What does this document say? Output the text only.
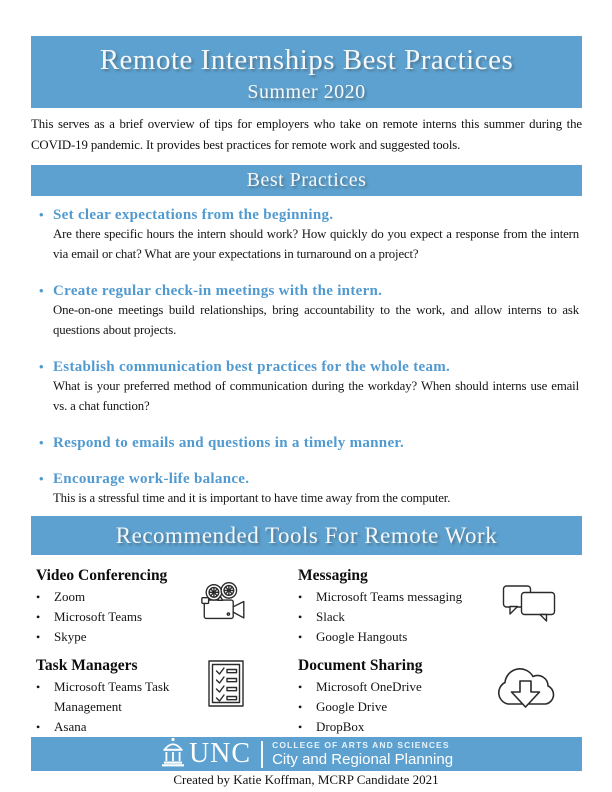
Remote Internships Best Practices
Summer 2020
This serves as a brief overview of tips for employers who take on remote interns this summer during the COVID-19 pandemic. It provides best practices for remote work and suggested tools.
Best Practices
• Set clear expectations from the beginning.
Are there specific hours the intern should work? How quickly do you expect a response from the intern via email or chat? What are your expectations in turnaround on a project?
• Create regular check-in meetings with the intern.
One-on-one meetings build relationships, bring accountability to the work, and allow interns to ask questions about projects.
• Establish communication best practices for the whole team.
What is your preferred method of communication during the workday? When should interns use email vs. a chat function?
• Respond to emails and questions in a timely manner.
• Encourage work-life balance.
This is a stressful time and it is important to have time away from the computer.
Recommended Tools For Remote Work
Video Conferencing
•	Zoom
•	Microsoft Teams
•	Skype
Messaging
•	Microsoft Teams messaging
•	Slack
•	Google Hangouts
Task Managers
•	Microsoft Teams Task Management
•	Asana
Document Sharing
•	Microsoft OneDrive
•	Google Drive
•	DropBox
UNC COLLEGE OF ARTS AND SCIENCES
City and Regional Planning
Created by Katie Koffman, MCRP Candidate 2021
